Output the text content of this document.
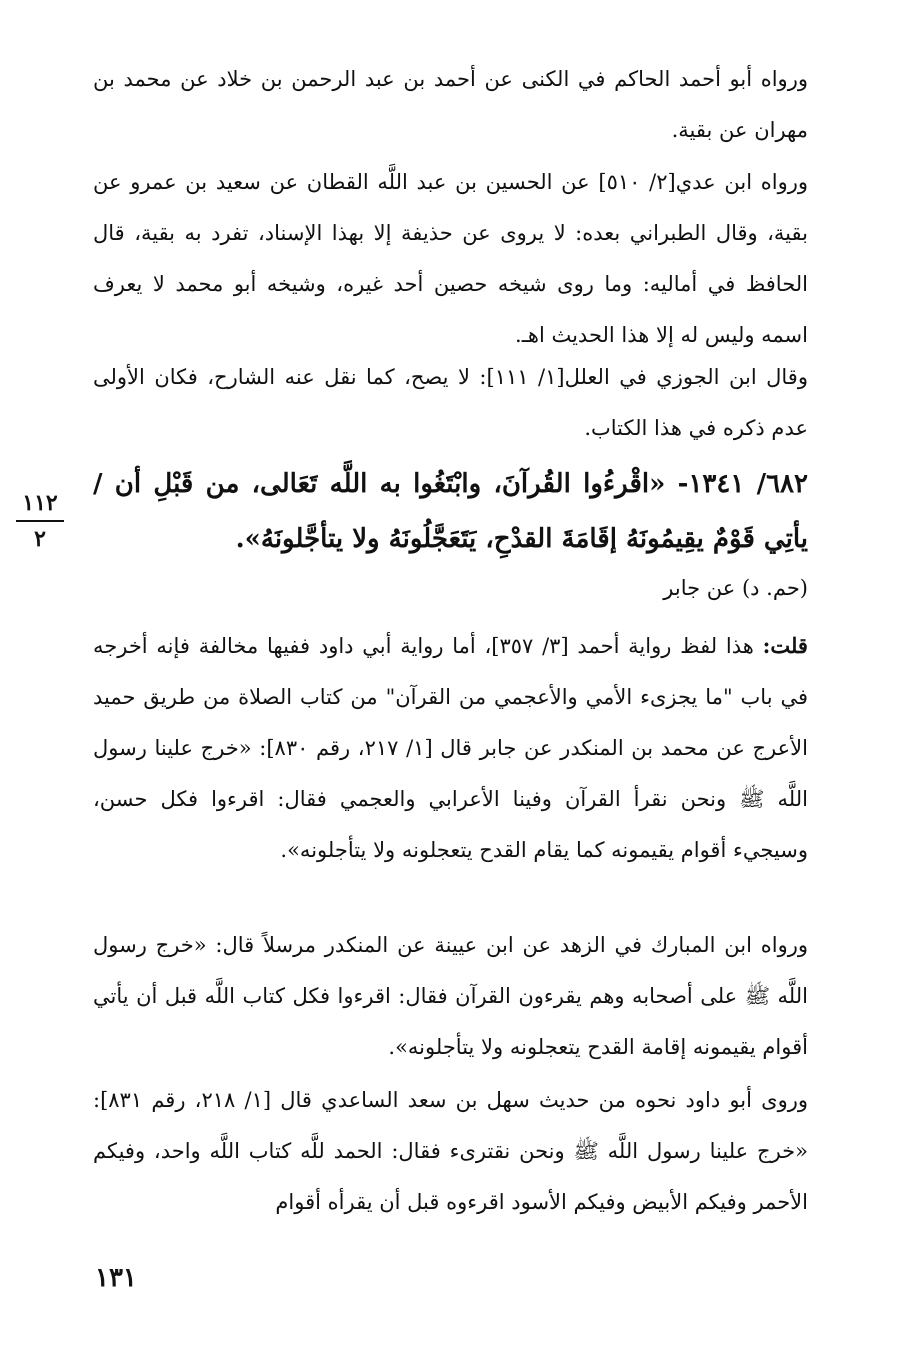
ورواه أبو أحمد الحاكم في الكنى عن أحمد بن عبد الرحمن بن خلاد عن محمد بن مهران عن بقية.

ورواه ابن عدي[٢/ ٥١٠] عن الحسين بن عبد اللَّه القطان عن سعيد بن عمرو عن بقية، وقال الطبراني بعده: لا يروى عن حذيفة إلا بهذا الإسناد، تفرد به بقية، قال الحافظ في أماليه: وما روى شيخه حصين أحد غيره، وشيخه أبو محمد لا يعرف اسمه وليس له إلا هذا الحديث اهـ.

وقال ابن الجوزي في العلل[١/ ١١١]: لا يصح، كما نقل عنه الشارح، فكان الأولى عدم ذكره في هذا الكتاب.

٦٨٢/ ١٣٤١- «اقْرءُوا القُرآنَ، وابْتَغُوا به اللَّه تَعَالى، من قَبْلِ أن / يأتِي قَوْمٌ يقِيمُونَهُ إقَامَةَ القدْحِ، يَتَعَجَّلُونَهُ ولا يتأجَّلونَهُ».

١١٢
٢

(حم. د) عن جابر

قلت: هذا لفظ رواية أحمد [٣/ ٣٥٧]، أما رواية أبي داود ففيها مخالفة فإنه أخرجه في باب "ما يجزىء الأمي والأعجمي من القرآن" من كتاب الصلاة من طريق حميد الأعرج عن محمد بن المنكدر عن جابر قال [١/ ٢١٧، رقم ٨٣٠]: «خرج علينا رسول اللَّه ﷺ ونحن نقرأ القرآن وفينا الأعرابي والعجمي فقال: اقرءوا فكل حسن، وسيجيء أقوام يقيمونه كما يقام القدح يتعجلونه ولا يتأجلونه».

ورواه ابن المبارك في الزهد عن ابن عيينة عن المنكدر مرسلاً قال: «خرج رسول اللَّه ﷺ على أصحابه وهم يقرءون القرآن فقال: اقرءوا فكل كتاب اللَّه قبل أن يأتي أقوام يقيمونه إقامة القدح يتعجلونه ولا يتأجلونه».

وروى أبو داود نحوه من حديث سهل بن سعد الساعدي قال [١/ ٢١٨، رقم ٨٣١]: «خرج علينا رسول اللَّه ﷺ ونحن نقترىء فقال: الحمد للَّه كتاب اللَّه واحد، وفيكم الأحمر وفيكم الأبيض وفيكم الأسود اقرءوه قبل أن يقرأه أقوام

١٣١
